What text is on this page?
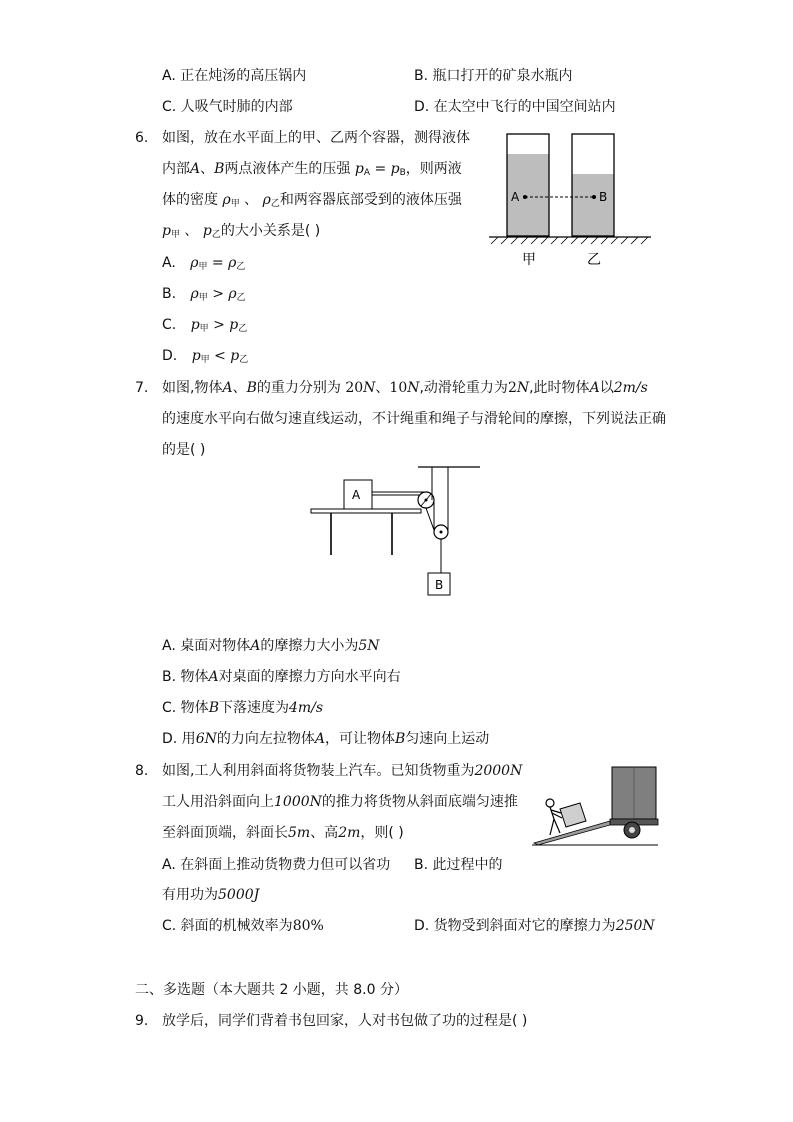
A. 正在炖汤的高压锅内	B. 瓶口打开的矿泉水瓶内
C. 人吸气时肺的内部	D. 在太空中飞行的中国空间站内
6. 如图，放在水平面上的甲、乙两个容器，测得液体
内部A、B两点液体产生的压强 $p_A = p_B$，则两液
体的密度 $\rho_甲$ 、 $\rho_乙$和两容器底部受到的液体压强
$p_甲$ 、 $p_乙$的大小关系是( )
A. $\rho_甲 = \rho_乙$
B. $\rho_甲 > \rho_乙$
C. $p_甲 > p_乙$
D. $p_甲 < p_乙$
A	B
甲	乙
7. 如图,物体A、B的重力分别为 20N、10N,动滑轮重力为2N,此时物体A以2m/s
的速度水平向右做匀速直线运动，不计绳重和绳子与滑轮间的摩擦，下列说法正确
的是( )
A
B
A. 桌面对物体A的摩擦力大小为5N
B. 物体A对桌面的摩擦力方向水平向右
C. 物体B下落速度为4m/s
D. 用6N的力向左拉物体A，可让物体B匀速向上运动
8. 如图,工人利用斜面将货物装上汽车。已知货物重为2000N
工人用沿斜面向上1000N的推力将货物从斜面底端匀速推
至斜面顶端，斜面长5m、高2m，则( )
A. 在斜面上推动货物费力但可以省功 B. 此过程中的
有用功为5000J
C. 斜面的机械效率为80%	D. 货物受到斜面对它的摩擦力为250N
二、多选题（本大题共 2 小题，共 8.0 分）
9. 放学后，同学们背着书包回家，人对书包做了功的过程是( )
